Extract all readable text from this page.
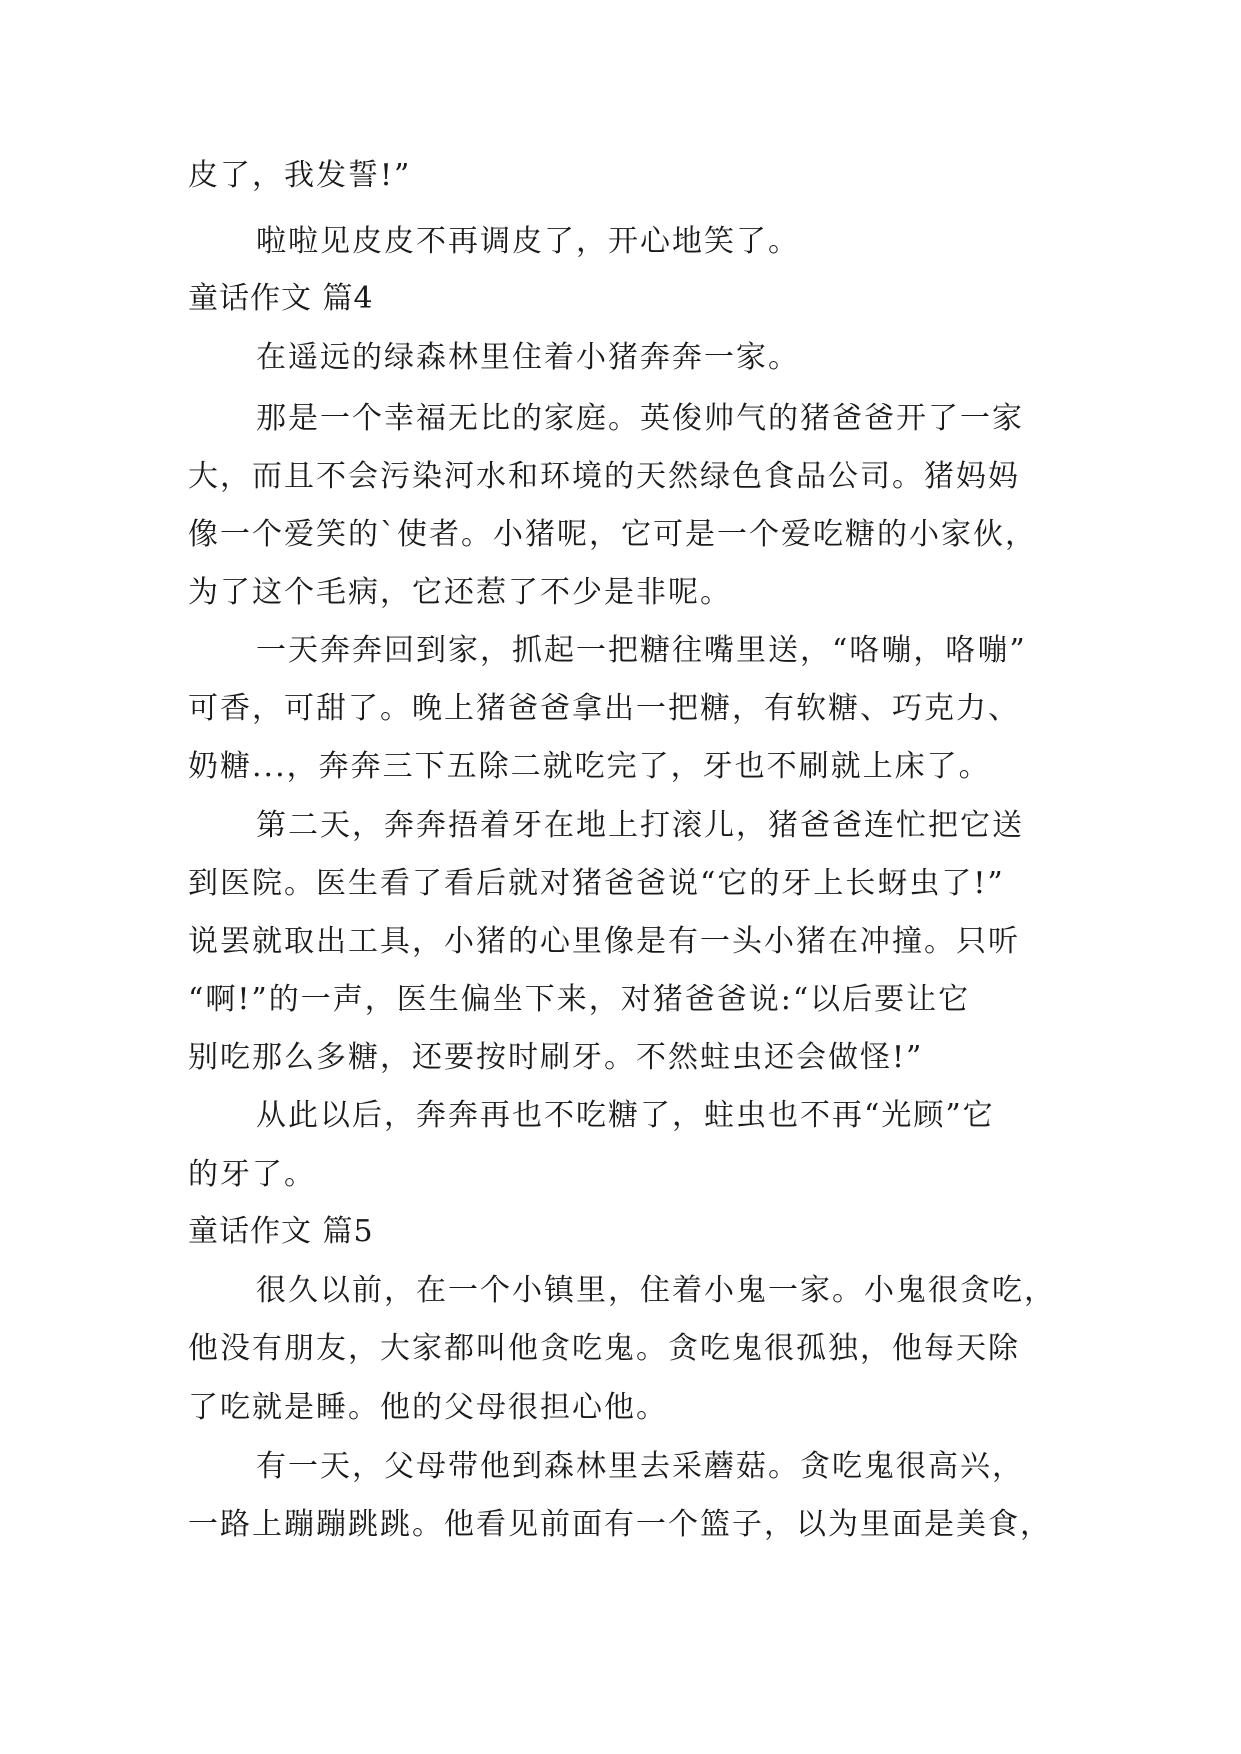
皮了，我发誓!”
啦啦见皮皮不再调皮了，开心地笑了。
童话作文 篇4
在遥远的绿森林里住着小猪奔奔一家。
那是一个幸福无比的家庭。英俊帅气的猪爸爸开了一家
大，而且不会污染河水和环境的天然绿色食品公司。猪妈妈
像一个爱笑的`使者。小猪呢，它可是一个爱吃糖的小家伙，
为了这个毛病，它还惹了不少是非呢。
一天奔奔回到家，抓起一把糖往嘴里送，“咯嘣，咯嘣”
可香，可甜了。晚上猪爸爸拿出一把糖，有软糖、巧克力、
奶糖...，奔奔三下五除二就吃完了，牙也不刷就上床了。
第二天，奔奔捂着牙在地上打滚儿，猪爸爸连忙把它送
到医院。医生看了看后就对猪爸爸说“它的牙上长蚜虫了!”
说罢就取出工具，小猪的心里像是有一头小猪在冲撞。只听
“啊!”的一声，医生偏坐下来，对猪爸爸说:“以后要让它
别吃那么多糖，还要按时刷牙。不然蛀虫还会做怪!”
从此以后，奔奔再也不吃糖了，蛀虫也不再“光顾”它
的牙了。
童话作文 篇5
很久以前，在一个小镇里，住着小鬼一家。小鬼很贪吃，
他没有朋友，大家都叫他贪吃鬼。贪吃鬼很孤独，他每天除
了吃就是睡。他的父母很担心他。
有一天，父母带他到森林里去采蘑菇。贪吃鬼很高兴，
一路上蹦蹦跳跳。他看见前面有一个篮子，以为里面是美食，
